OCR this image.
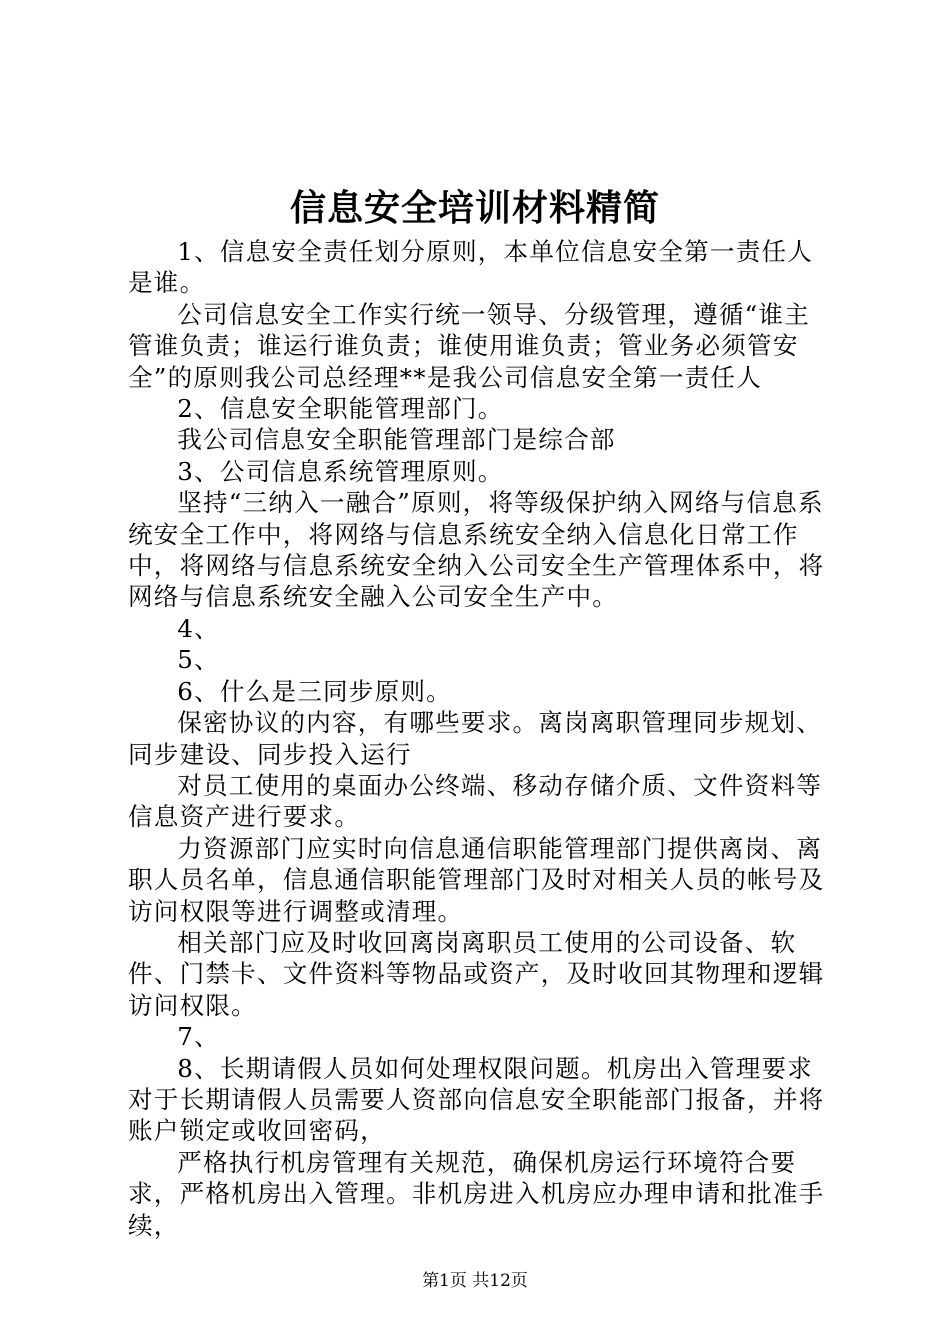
信息安全培训材料精简

1、信息安全责任划分原则，本单位信息安全第一责任人是谁。

公司信息安全工作实行统一领导、分级管理，遵循“谁主管谁负责；谁运行谁负责；谁使用谁负责；管业务必须管安全”的原则我公司总经理**是我公司信息安全第一责任人

2、信息安全职能管理部门。

我公司信息安全职能管理部门是综合部

3、公司信息系统管理原则。

坚持“三纳入一融合”原则，将等级保护纳入网络与信息系统安全工作中，将网络与信息系统安全纳入信息化日常工作中，将网络与信息系统安全纳入公司安全生产管理体系中，将网络与信息系统安全融入公司安全生产中。

4、

5、

6、什么是三同步原则。

保密协议的内容，有哪些要求。离岗离职管理同步规划、同步建设、同步投入运行

对员工使用的桌面办公终端、移动存储介质、文件资料等信息资产进行要求。

力资源部门应实时向信息通信职能管理部门提供离岗、离职人员名单，信息通信职能管理部门及时对相关人员的帐号及访问权限等进行调整或清理。

相关部门应及时收回离岗离职员工使用的公司设备、软件、门禁卡、文件资料等物品或资产，及时收回其物理和逻辑访问权限。

7、

8、长期请假人员如何处理权限问题。机房出入管理要求对于长期请假人员需要人资部向信息安全职能部门报备，并将账户锁定或收回密码，

严格执行机房管理有关规范，确保机房运行环境符合要求，严格机房出入管理。非机房进入机房应办理申请和批准手续，

第1页 共12页
